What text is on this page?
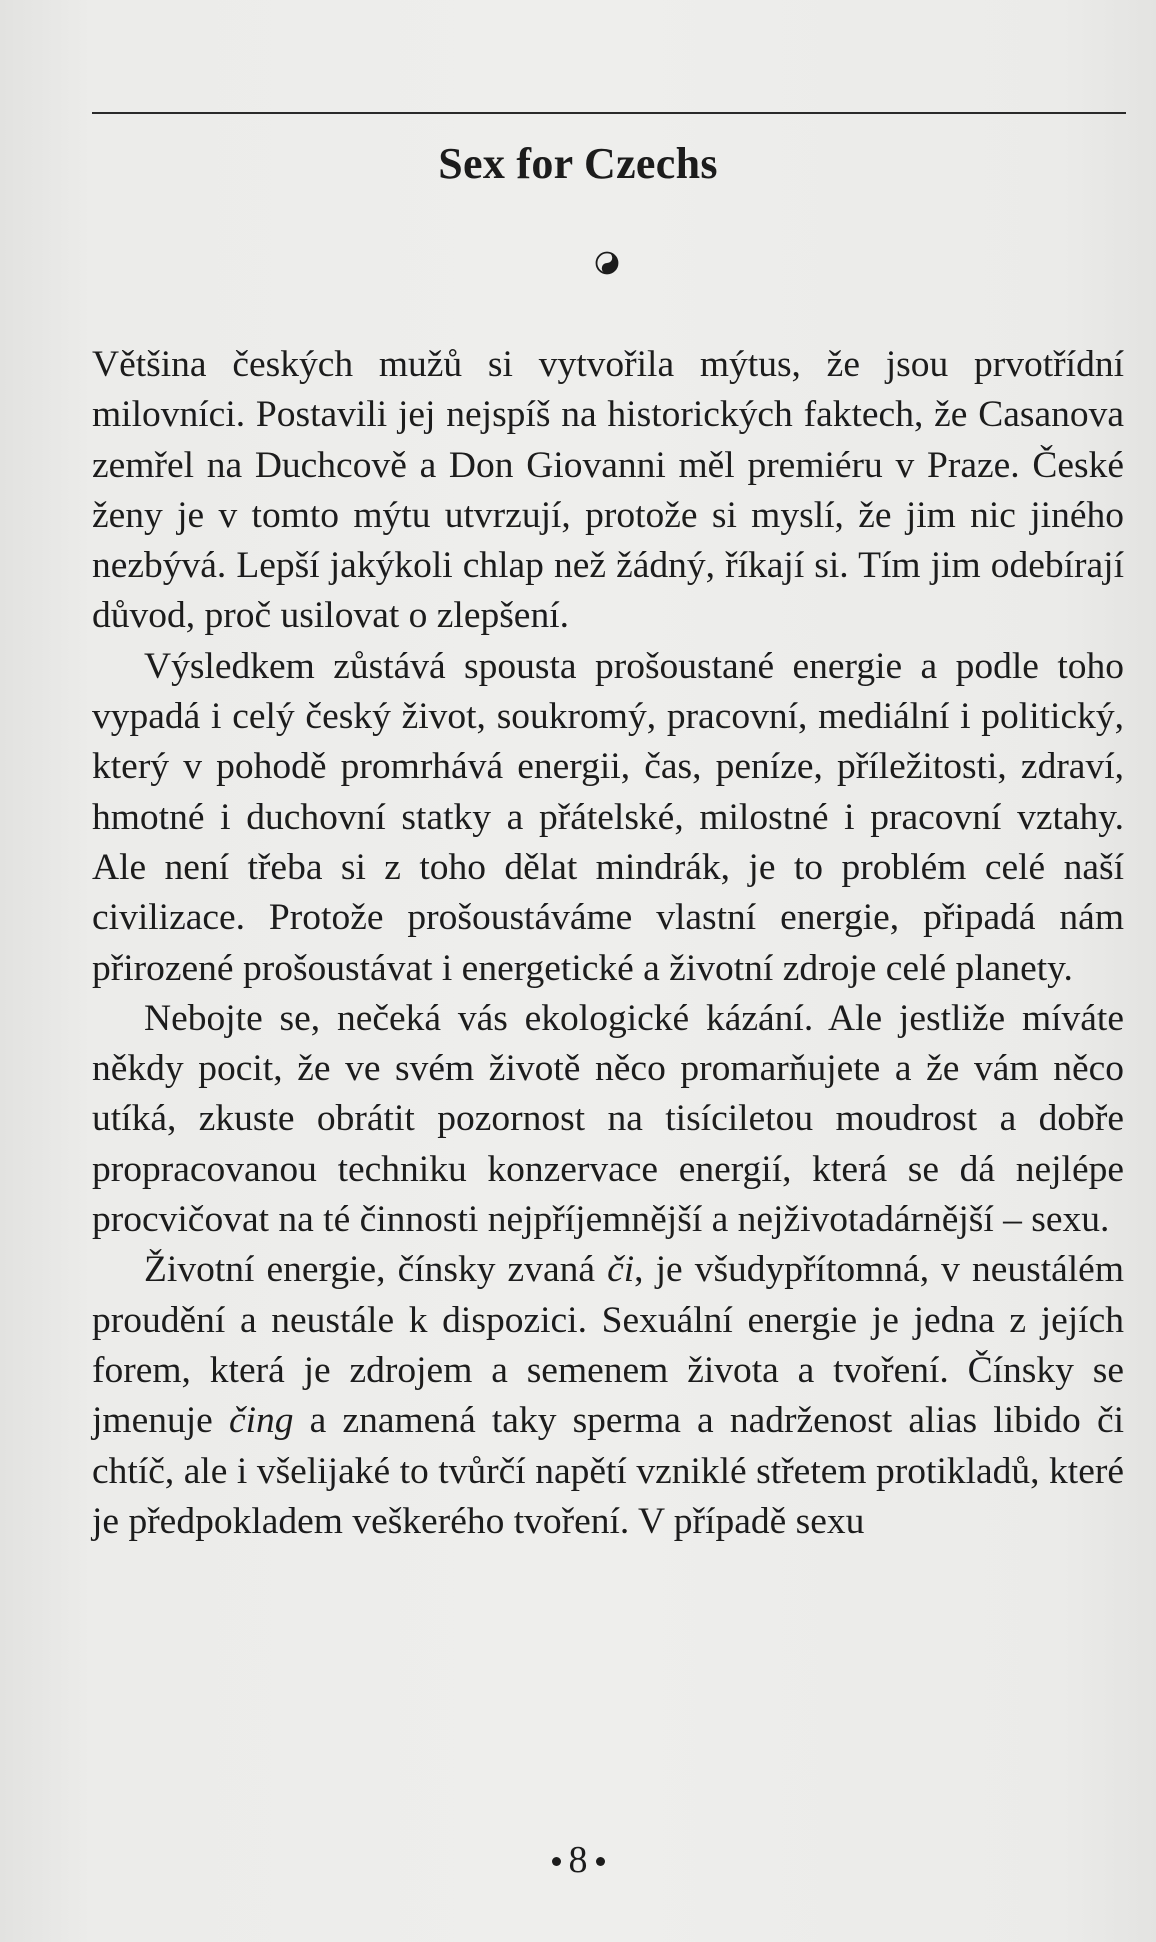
Sex for Czechs

Většina českých mužů si vytvořila mýtus, že jsou prvotřídní milovníci. Postavili jej nejspíš na historických faktech, že Casanova zemřel na Duchcově a Don Giovanni měl premiéru v Praze. České ženy je v tomto mýtu utvrzují, protože si myslí, že jim nic jiného nezbývá. Lepší jakýkoli chlap než žádný, říkají si. Tím jim odebírají důvod, proč usilovat o zlepšení.

Výsledkem zůstává spousta prošoustané energie a podle toho vypadá i celý český život, soukromý, pracovní, mediální i politický, který v pohodě promrhává energii, čas, peníze, příležitosti, zdraví, hmotné i duchovní statky a přátelské, milostné i pracovní vztahy. Ale není třeba si z toho dělat mindrák, je to problém celé naší civilizace. Protože prošoustáváme vlastní energie, připadá nám přirozené prošoustávat i energetické a životní zdroje celé planety.

Nebojte se, nečeká vás ekologické kázání. Ale jestliže míváte někdy pocit, že ve svém životě něco promarňujete a že vám něco utíká, zkuste obrátit pozornost na tisíciletou moudrost a dobře propracovanou techniku konzervace energií, která se dá nejlépe procvičovat na té činnosti nejpříjemnější a nejživotadárnější – sexu.

Životní energie, čínsky zvaná či, je všudypřítomná, v neustálém proudění a neustále k dispozici. Sexuální energie je jedna z jejích forem, která je zdrojem a semenem života a tvoření. Čínsky se jmenuje čing a znamená taky sperma a nadrženost alias libido či chtíč, ale i všelijaké to tvůrčí napětí vzniklé střetem protikladů, které je předpokladem veškerého tvoření. V případě sexu

8
